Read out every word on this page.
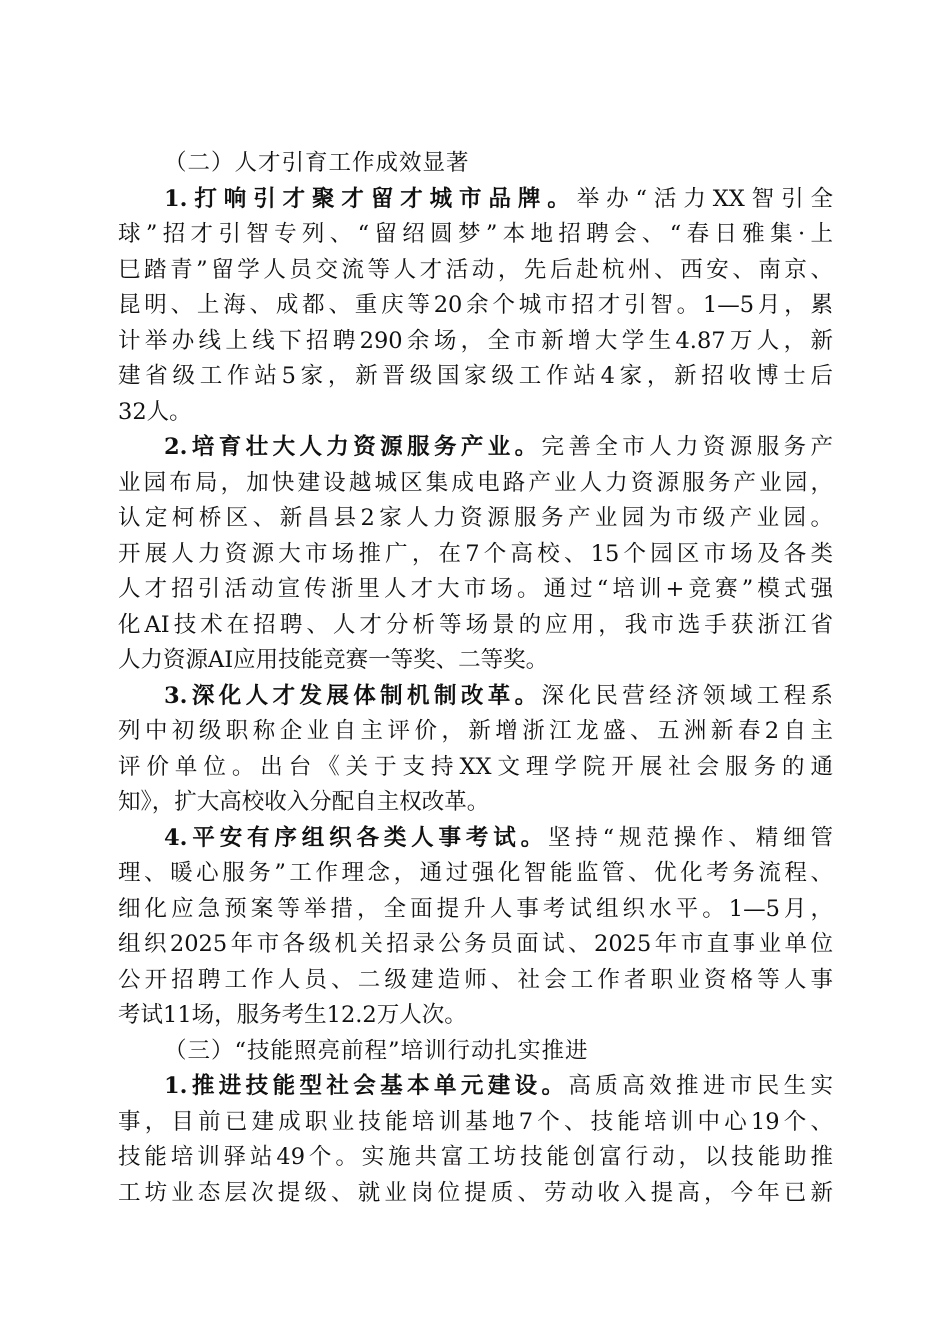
（二）人才引育工作成效显著
1.打响引才聚才留才城市品牌。举办“活力XX智引全
球”招才引智专列、“留绍圆梦”本地招聘会、“春日雅集·上
巳踏青”留学人员交流等人才活动，先后赴杭州、西安、南京、
昆明、上海、成都、重庆等20余个城市招才引智。1—5月，累
计举办线上线下招聘290余场，全市新增大学生4.87万人，新
建省级工作站5家，新晋级国家级工作站4家，新招收博士后
32人。
2.培育壮大人力资源服务产业。完善全市人力资源服务产
业园布局，加快建设越城区集成电路产业人力资源服务产业园，
认定柯桥区、新昌县2家人力资源服务产业园为市级产业园。
开展人力资源大市场推广，在7个高校、15个园区市场及各类
人才招引活动宣传浙里人才大市场。通过“培训+竞赛”模式强
化AI技术在招聘、人才分析等场景的应用，我市选手获浙江省
人力资源AI应用技能竞赛一等奖、二等奖。
3.深化人才发展体制机制改革。深化民营经济领域工程系
列中初级职称企业自主评价，新增浙江龙盛、五洲新春2自主
评价单位。出台《关于支持XX文理学院开展社会服务的通
知》，扩大高校收入分配自主权改革。
4.平安有序组织各类人事考试。坚持“规范操作、精细管
理、暖心服务”工作理念，通过强化智能监管、优化考务流程、
细化应急预案等举措，全面提升人事考试组织水平。1—5月，
组织2025年市各级机关招录公务员面试、2025年市直事业单位
公开招聘工作人员、二级建造师、社会工作者职业资格等人事
考试11场，服务考生12.2万人次。
（三）“技能照亮前程”培训行动扎实推进
1.推进技能型社会基本单元建设。高质高效推进市民生实
事，目前已建成职业技能培训基地7个、技能培训中心19个、
技能培训驿站49个。实施共富工坊技能创富行动，以技能助推
工坊业态层次提级、就业岗位提质、劳动收入提高，今年已新
